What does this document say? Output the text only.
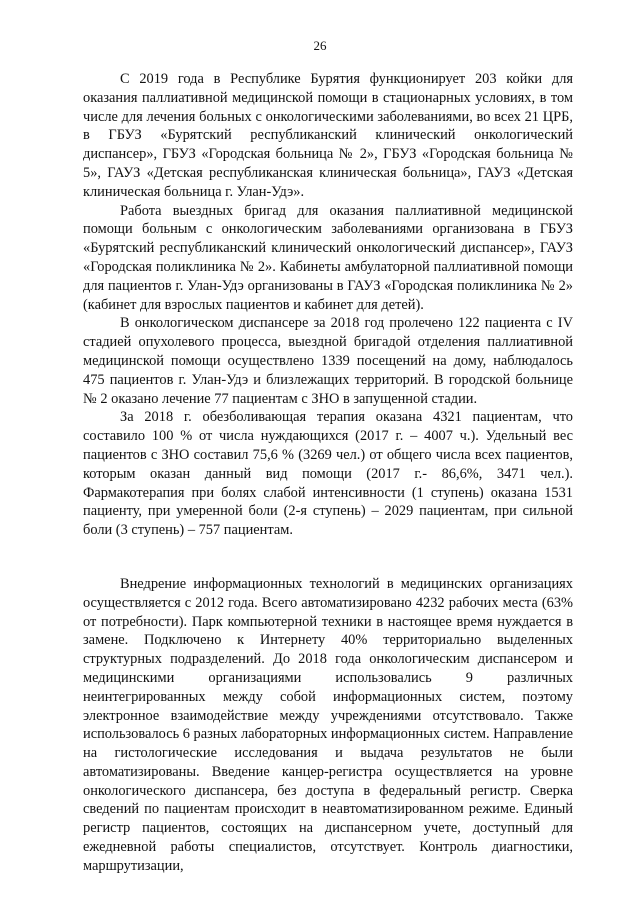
26

С 2019 года в Республике Бурятия функционирует 203 койки для оказания паллиативной медицинской помощи в стационарных условиях, в том числе для лечения больных с онкологическими заболеваниями, во всех 21 ЦРБ, в ГБУЗ «Бурятский республиканский клинический онкологический диспансер», ГБУЗ «Городская больница № 2», ГБУЗ «Городская больница № 5», ГАУЗ «Детская республиканская клиническая больница», ГАУЗ «Детская клиническая больница г. Улан-Удэ».

Работа выездных бригад для оказания паллиативной медицинской помощи больным с онкологическим заболеваниями организована в ГБУЗ «Бурятский республиканский клинический онкологический диспансер», ГАУЗ «Городская поликлиника № 2». Кабинеты амбулаторной паллиативной помощи для пациентов г. Улан-Удэ организованы в ГАУЗ «Городская поликлиника № 2» (кабинет для взрослых пациентов и кабинет для детей).

В онкологическом диспансере за 2018 год пролечено 122 пациента с IV стадией опухолевого процесса, выездной бригадой отделения паллиативной медицинской помощи осуществлено 1339 посещений на дому, наблюдалось 475 пациентов г. Улан-Удэ и близлежащих территорий. В городской больнице № 2 оказано лечение 77 пациентам с ЗНО в запущенной стадии.

За 2018 г. обезболивающая терапия оказана 4321 пациентам, что составило 100 % от числа нуждающихся (2017 г. – 4007 ч.). Удельный вес пациентов с ЗНО составил 75,6 % (3269 чел.) от общего числа всех пациентов, которым оказан данный вид помощи (2017 г.- 86,6%, 3471 чел.). Фармакотерапия при болях слабой интенсивности (1 ступень) оказана 1531 пациенту, при умеренной боли (2-я ступень) – 2029 пациентам, при сильной боли (3 ступень) – 757 пациентам.

Внедрение информационных технологий в медицинских организациях осуществляется с 2012 года. Всего автоматизировано 4232 рабочих места (63% от потребности). Парк компьютерной техники в настоящее время нуждается в замене. Подключено к Интернету 40% территориально выделенных структурных подразделений. До 2018 года онкологическим диспансером и медицинскими организациями использовались 9 различных неинтегрированных между собой информационных систем, поэтому электронное взаимодействие между учреждениями отсутствовало. Также использовалось 6 разных лабораторных информационных систем. Направление на гистологические исследования и выдача результатов не были автоматизированы. Введение канцер-регистра осуществляется на уровне онкологического диспансера, без доступа в федеральный регистр. Сверка сведений по пациентам происходит в неавтоматизированном режиме. Единый регистр пациентов, состоящих на диспансерном учете, доступный для ежедневной работы специалистов, отсутствует. Контроль диагностики, маршрутизации,
